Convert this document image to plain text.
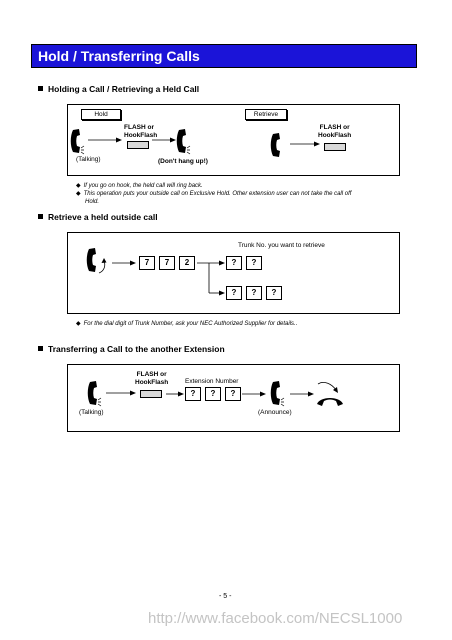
Hold / Transferring Calls
Holding a Call / Retrieving a Held Call
Hold	Retrieve
FLASH or
HookFlash
(Talking)	(Don't hang up!)
FLASH or
HookFlash
◆ If you go on hook, the held call will ring back.
◆ This operation puts your outside call on Exclusive Hold. Other extension user can not take the call off
Hold.
Retrieve a held outside call
7	7	2
Trunk No. you want to retrieve
?	?
?	?	?
◆ For the dial digit of Trunk Number, ask your NEC Authorized Supplier for details..
Transferring a Call to the another Extension
FLASH or
HookFlash	Extension Number
?	?	?
(Talking)	(Announce)
- 5 -
http://www.facebook.com/NECSL1000
